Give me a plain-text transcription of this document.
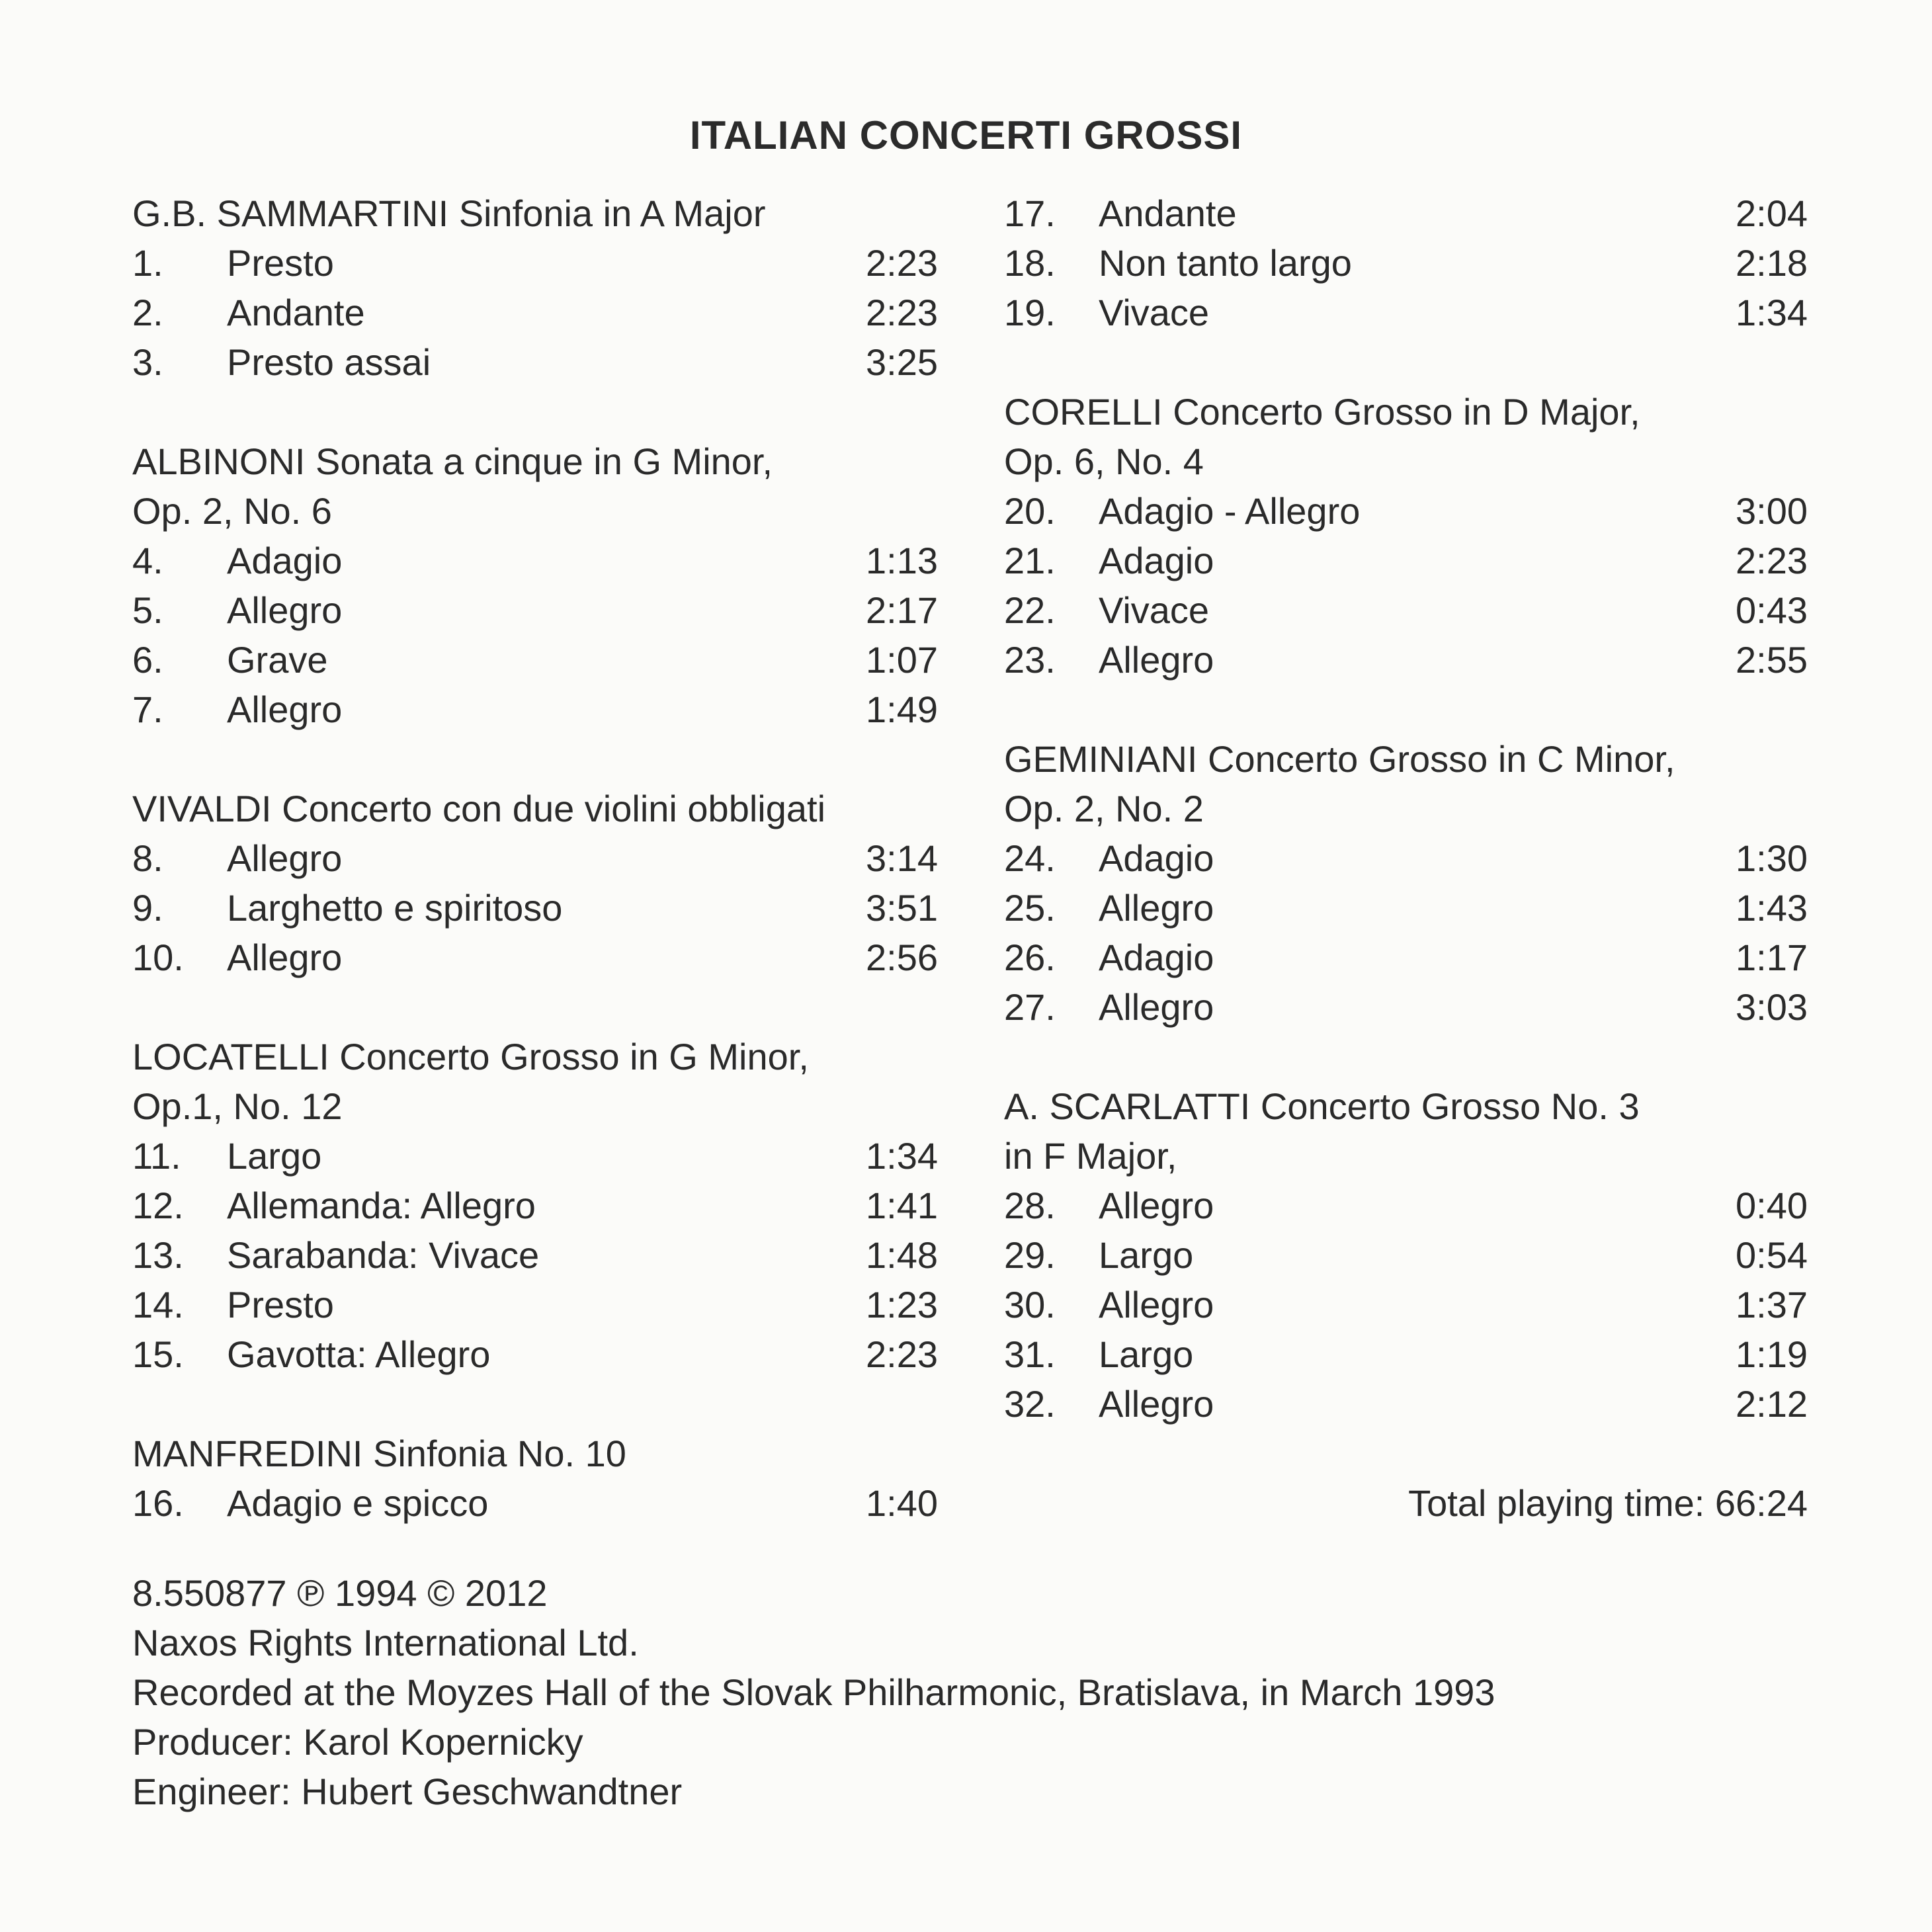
ITALIAN CONCERTI GROSSI
G.B. SAMMARTINI Sinfonia in A Major
1. Presto	2:23
2. Andante	2:23
3. Presto assai	3:25
ALBINONI Sonata a cinque in G Minor,
Op. 2, No. 6
4. Adagio	1:13
5. Allegro	2:17
6. Grave	1:07
7. Allegro	1:49
VIVALDI Concerto con due violini obbligati
8. Allegro	3:14
9. Larghetto e spiritoso	3:51
10. Allegro	2:56
LOCATELLI Concerto Grosso in G Minor,
Op.1, No. 12
11. Largo	1:34
12. Allemanda: Allegro	1:41
13. Sarabanda: Vivace	1:48
14. Presto	1:23
15. Gavotta: Allegro	2:23
MANFREDINI Sinfonia No. 10
16. Adagio e spicco	1:40
17. Andante	2:04
18. Non tanto largo	2:18
19. Vivace	1:34
CORELLI Concerto Grosso in D Major,
Op. 6, No. 4
20. Adagio - Allegro	3:00
21. Adagio	2:23
22. Vivace	0:43
23. Allegro	2:55
GEMINIANI Concerto Grosso in C Minor,
Op. 2, No. 2
24. Adagio	1:30
25. Allegro	1:43
26. Adagio	1:17
27. Allegro	3:03
A. SCARLATTI Concerto Grosso No. 3
in F Major,
28. Allegro	0:40
29. Largo	0:54
30. Allegro	1:37
31. Largo	1:19
32. Allegro	2:12
Total playing time: 66:24
8.550877 ℗ 1994 © 2012
Naxos Rights International Ltd.
Recorded at the Moyzes Hall of the Slovak Philharmonic, Bratislava, in March 1993
Producer: Karol Kopernicky
Engineer: Hubert Geschwandtner
